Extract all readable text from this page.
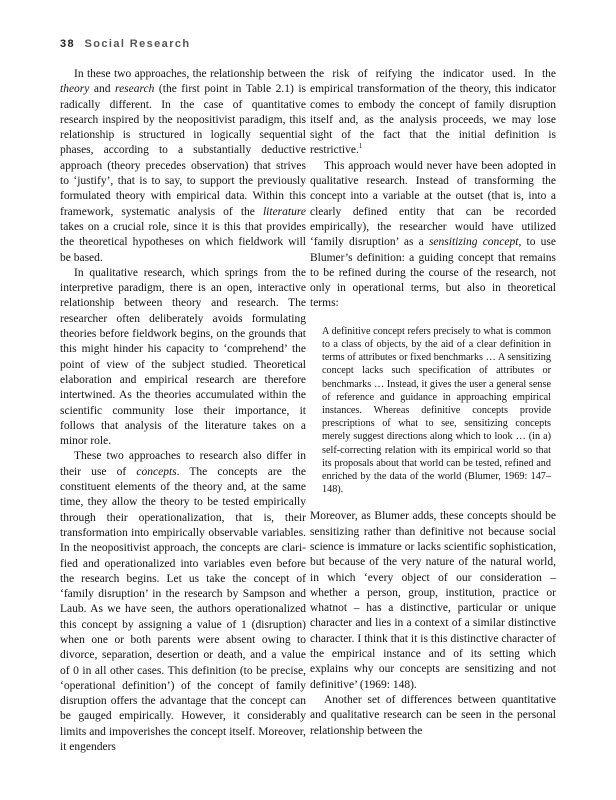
38 Social Research

In these two approaches, the relationship between theory and research (the first point in Table 2.1) is radically different. In the case of quantitative research inspired by the neopositivist paradigm, this relationship is structured in logically sequential phases, according to a substantially deductive approach (theory precedes observation) that strives to ‘justify’, that is to say, to support the previously formulated theory with empirical data. Within this framework, systematic analysis of the literature takes on a crucial role, since it is this that provides the theoretical hypotheses on which fieldwork will be based.

In qualitative research, which springs from the interpretive paradigm, there is an open, interactive relationship between theory and research. The researcher often deliberately avoids formulating theories before fieldwork begins, on the grounds that this might hinder his capacity to ‘comprehend’ the point of view of the subject studied. Theoretical elaboration and empirical research are therefore intertwined. As the theories accumulated within the scientific community lose their importance, it follows that analysis of the literature takes on a minor role.

These two approaches to research also differ in their use of concepts. The concepts are the constituent elements of the theory and, at the same time, they allow the theory to be tested empirically through their operationalization, that is, their transformation into empirically observable variables. In the neopositivist approach, the concepts are clarified and operationalized into variables even before the research begins. Let us take the concept of ‘family disruption’ in the research by Sampson and Laub. As we have seen, the authors operationalized this concept by assigning a value of 1 (disruption) when one or both parents were absent owing to divorce, separation, desertion or death, and a value of 0 in all other cases. This definition (to be precise, ‘operational definition’) of the concept of family disruption offers the advantage that the concept can be gauged empirically. However, it considerably limits and impoverishes the concept itself. Moreover, it engenders

the risk of reifying the indicator used. In the empirical transformation of the theory, this indicator comes to embody the concept of family disruption itself and, as the analysis proceeds, we may lose sight of the fact that the initial definition is restrictive.$^1$

This approach would never have been adopted in qualitative research. Instead of transforming the concept into a variable at the outset (that is, into a clearly defined entity that can be recorded empirically), the researcher would have utilized ‘family disruption’ as a sensitizing concept, to use Blumer’s definition: a guiding concept that remains to be refined during the course of the research, not only in operational terms, but also in theoretical terms:

A definitive concept refers precisely to what is common to a class of objects, by the aid of a clear definition in terms of attributes or fixed benchmarks … A sensitizing concept lacks such specification of attributes or benchmarks … Instead, it gives the user a general sense of reference and guidance in approaching empirical instances. Whereas definitive concepts provide prescriptions of what to see, sensitizing concepts merely suggest directions along which to look … (in a) self-correcting relation with its empirical world so that its proposals about that world can be tested, refined and enriched by the data of the world (Blumer, 1969: 147–148).

Moreover, as Blumer adds, these concepts should be sensitizing rather than definitive not because social science is immature or lacks scientific sophistication, but because of the very nature of the natural world, in which ‘every object of our consideration – whether a person, group, institution, practice or whatnot – has a distinctive, particular or unique character and lies in a context of a similar distinctive character. I think that it is this distinctive character of the empirical instance and of its setting which explains why our concepts are sensitizing and not definitive’ (1969: 148).

Another set of differences between quantitative and qualitative research can be seen in the personal relationship between the
